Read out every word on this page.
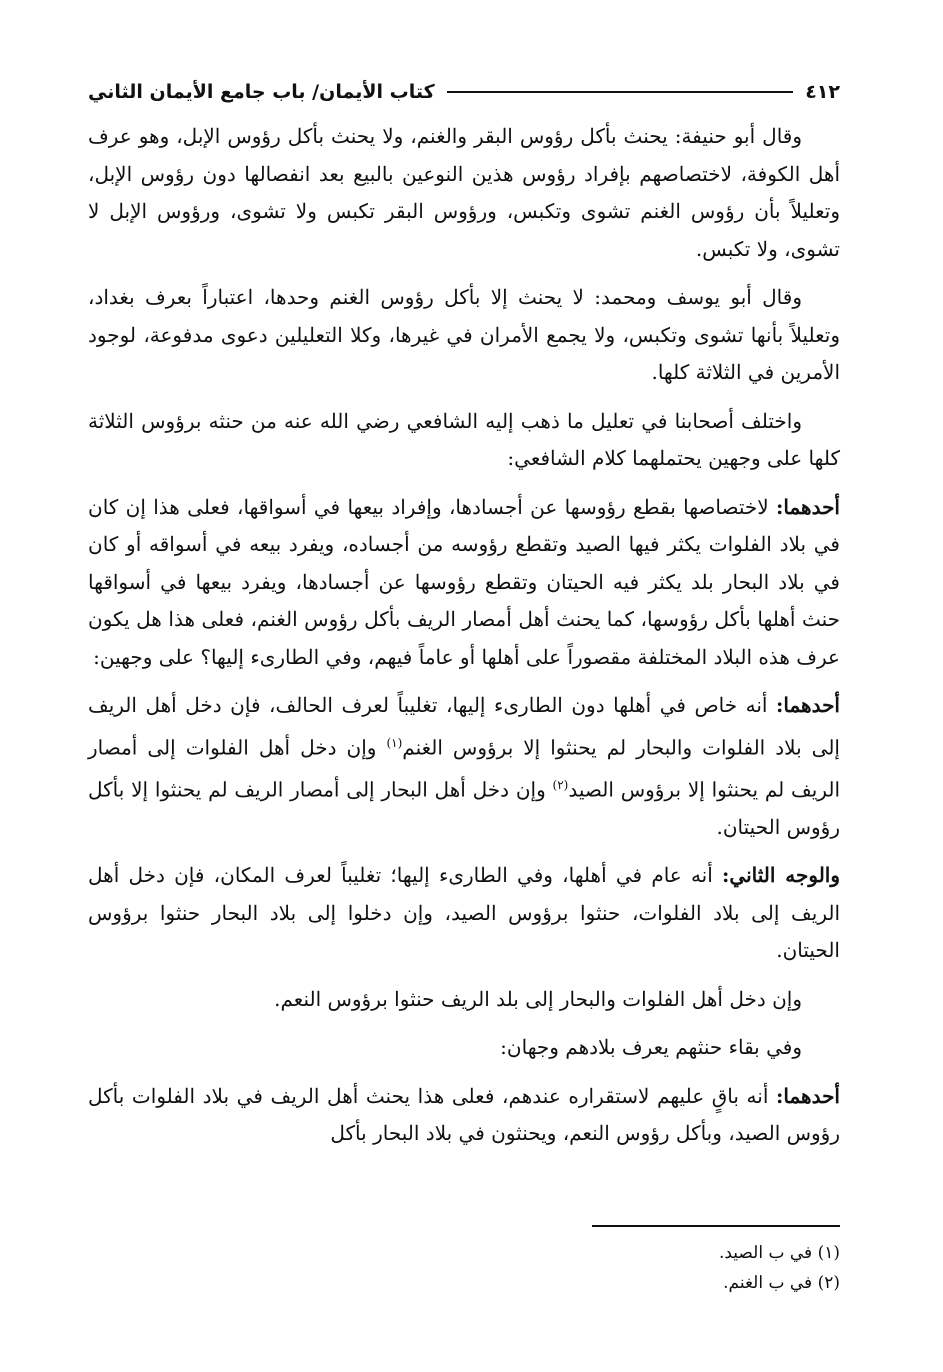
٤١٢
كتاب الأيمان/ باب جامع الأيمان الثاني

وقال أبو حنيفة: يحنث بأكل رؤوس البقر والغنم، ولا يحنث بأكل رؤوس الإبل، وهو عرف أهل الكوفة، لاختصاصهم بإفراد رؤوس هذين النوعين بالبيع بعد انفصالها دون رؤوس الإبل، وتعليلاً بأن رؤوس الغنم تشوى وتكبس، ورؤوس البقر تكبس ولا تشوى، ورؤوس الإبل لا تشوى، ولا تكبس.

وقال أبو يوسف ومحمد: لا يحنث إلا بأكل رؤوس الغنم وحدها، اعتباراً بعرف بغداد، وتعليلاً بأنها تشوى وتكبس، ولا يجمع الأمران في غيرها، وكلا التعليلين دعوى مدفوعة، لوجود الأمرين في الثلاثة كلها.

واختلف أصحابنا في تعليل ما ذهب إليه الشافعي رضي الله عنه من حنثه برؤوس الثلاثة كلها على وجهين يحتملهما كلام الشافعي:

أحدهما: لاختصاصها بقطع رؤوسها عن أجسادها، وإفراد بيعها في أسواقها، فعلى هذا إن كان في بلاد الفلوات يكثر فيها الصيد وتقطع رؤوسه من أجساده، ويفرد بيعه في أسواقه أو كان في بلاد البحار بلد يكثر فيه الحيتان وتقطع رؤوسها عن أجسادها، ويفرد بيعها في أسواقها حنث أهلها بأكل رؤوسها، كما يحنث أهل أمصار الريف بأكل رؤوس الغنم، فعلى هذا هل يكون عرف هذه البلاد المختلفة مقصوراً على أهلها أو عاماً فيهم، وفي الطارىء إليها؟ على وجهين:

أحدهما: أنه خاص في أهلها دون الطارىء إليها، تغليباً لعرف الحالف، فإن دخل أهل الريف إلى بلاد الفلوات والبحار لم يحنثوا إلا برؤوس الغنم$^{(١)}$ وإن دخل أهل الفلوات إلى أمصار الريف لم يحنثوا إلا برؤوس الصيد$^{(٢)}$ وإن دخل أهل البحار إلى أمصار الريف لم يحنثوا إلا بأكل رؤوس الحيتان.

والوجه الثاني: أنه عام في أهلها، وفي الطارىء إليها؛ تغليباً لعرف المكان، فإن دخل أهل الريف إلى بلاد الفلوات، حنثوا برؤوس الصيد، وإن دخلوا إلى بلاد البحار حنثوا برؤوس الحيتان.

وإن دخل أهل الفلوات والبحار إلى بلد الريف حنثوا برؤوس النعم.

وفي بقاء حنثهم يعرف بلادهم وجهان:

أحدهما: أنه باقٍ عليهم لاستقراره عندهم، فعلى هذا يحنث أهل الريف في بلاد الفلوات بأكل رؤوس الصيد، وبأكل رؤوس النعم، ويحنثون في بلاد البحار بأكل

(١) في ب الصيد.
(٢) في ب الغنم.
